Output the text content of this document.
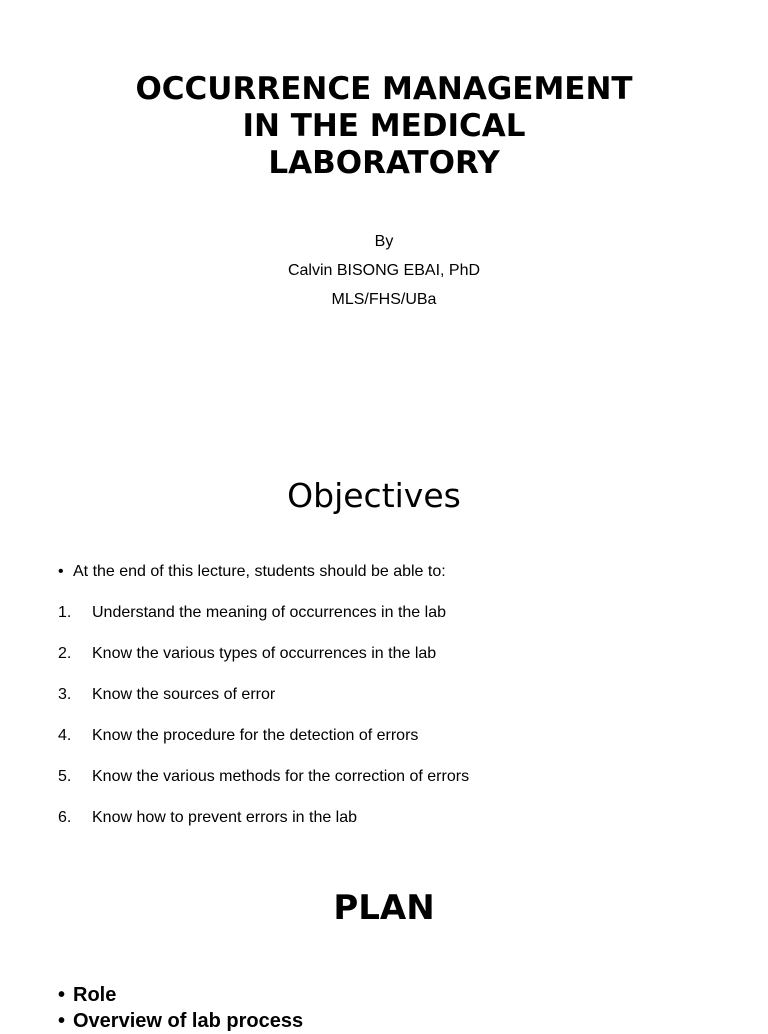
OCCURRENCE MANAGEMENT
IN THE MEDICAL
LABORATORY
By
Calvin BISONG EBAI, PhD
MLS/FHS/UBa
Objectives
• At the end of this lecture, students should be able to:
1. Understand the meaning of occurrences in the lab
2. Know the various types of occurrences in the lab
3. Know the sources of error
4. Know the procedure for the detection of errors
5. Know the various methods for the correction of errors
6. Know how to prevent errors in the lab
PLAN
• Role
• Overview of lab process
